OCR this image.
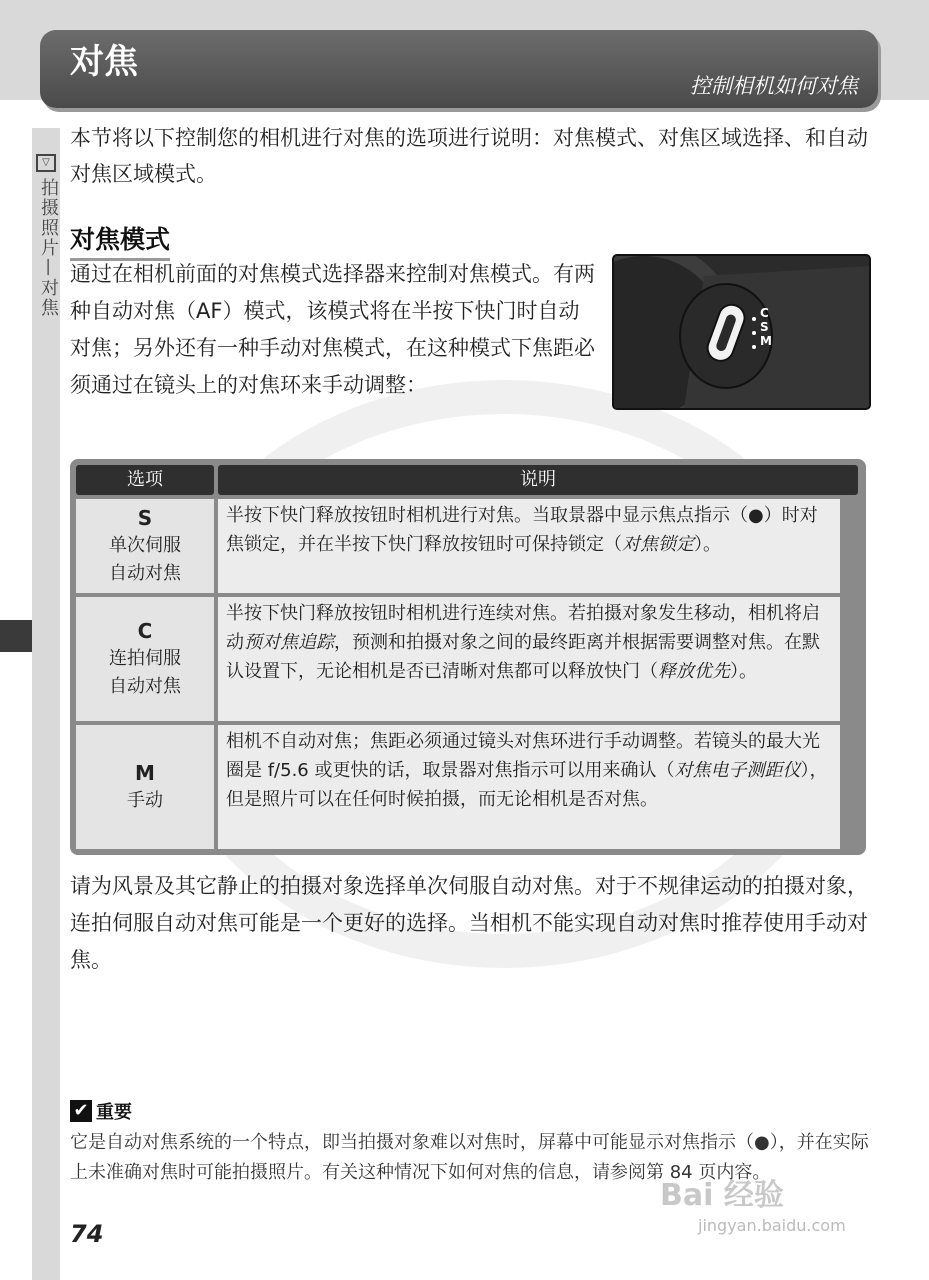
对焦
控制相机如何对焦
▽
拍摄照片—对焦
本节将以下控制您的相机进行对焦的选项进行说明：对焦模式、对焦区域选择、和自动对焦区域模式。
对焦模式
通过在相机前面的对焦模式选择器来控制对焦模式。有两种自动对焦（AF）模式，该模式将在半按下快门时自动对焦；另外还有一种手动对焦模式，在这种模式下焦距必须通过在镜头上的对焦环来手动调整：
C
S
M
选项	说明
S
单次伺服
自动对焦
半按下快门释放按钮时相机进行对焦。当取景器中显示焦点指示（●）时对焦锁定，并在半按下快门释放按钮时可保持锁定（对焦锁定）。
C
连拍伺服
自动对焦
半按下快门释放按钮时相机进行连续对焦。若拍摄对象发生移动，相机将启动预对焦追踪，预测和拍摄对象之间的最终距离并根据需要调整对焦。在默认设置下，无论相机是否已清晰对焦都可以释放快门（释放优先）。
M
手动
相机不自动对焦；焦距必须通过镜头对焦环进行手动调整。若镜头的最大光圈是 f/5.6 或更快的话，取景器对焦指示可以用来确认（对焦电子测距仪），但是照片可以在任何时候拍摄，而无论相机是否对焦。
请为风景及其它静止的拍摄对象选择单次伺服自动对焦。对于不规律运动的拍摄对象，连拍伺服自动对焦可能是一个更好的选择。当相机不能实现自动对焦时推荐使用手动对焦。
✔ 重要
它是自动对焦系统的一个特点，即当拍摄对象难以对焦时，屏幕中可能显示对焦指示（●），并在实际上未准确对焦时可能拍摄照片。有关这种情况下如何对焦的信息，请参阅第 84 页内容。
74
Bai 经验
jingyan.baidu.com
